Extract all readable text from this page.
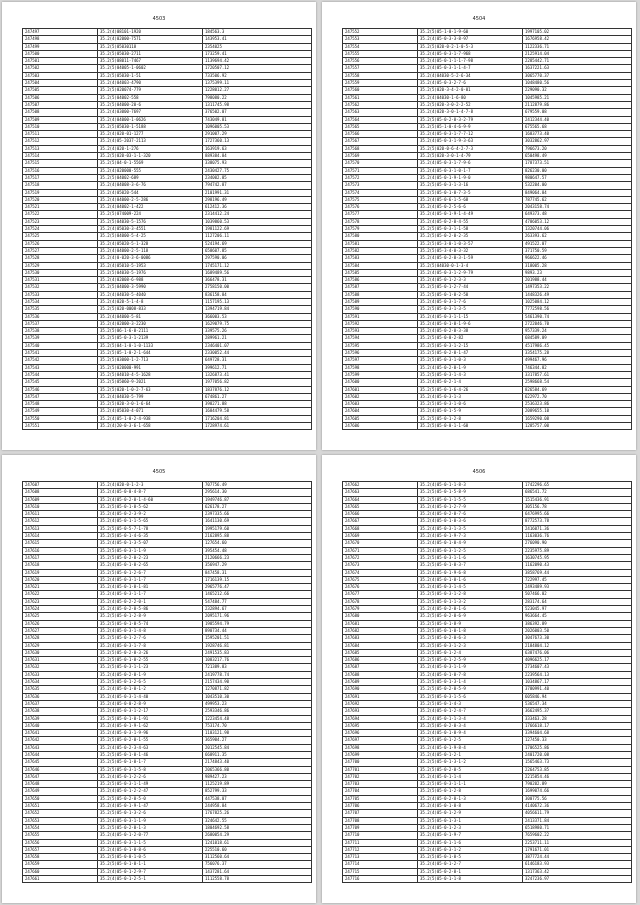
4503
247497	35.2(4)08101-1920	184563.3
247498	35.2(4)02000-7571	143953.41
247499	35.2(5)05030118	2354025
247500	35.2(5)05030-2711	173259.41
247501	35.2(5)08011-7467	1139694.42
247502	35.2(5)04005-1-0602	1720507.12
247503	35.2(5)05030-1-51	733506.92
247504	35.2(4)04003-4790	1375399.11
247505	35.2(5)020074-779	1228012.27
247506	35.2(5)04002-558	798080.22
247507	35.2(5)04000-20-6	1311745.98
247508	35.2(4)03000-7697	376502.07
247509	35.2(4)04000-1-0626	743049.81
247510	35.2(5)05030-1-5188	1096005.53
247511	35.2(4)020-01-1277	291007.29
247512	35.2(4)05-2037-2113	1727360.13
247513	35.2(4)020-1-276	163919.63
247514	35.2(5)020-03-1-1-320	889384.84
247515	35.2(5)04-0-1-5569	338075.93
247516	35.2(4)020000-555	2430427.75
247517	35.2(5)04002-689	234002.85
247518	35.2(4)04008-3-6-76	794742.87
247519	35.2(4)05020-544	2101991.31
247520	35.2(4)04000-2-5-286	298196.49
247521	35.2(4)04002-1-422	612412.36
247522	35.2(5)074009-224	2314412.24
247523	35.2(5)04030-5-1576	1039860.53
247524	35.2(4)05030-3-4551	1981122.69
247525	35.2(5)04000-5-4-25	1127206.11
247526	35.2(4)05020-5-1-328	524194.69
247527	35.2(4)04000-2-5-118	658607.85
247528	35.2(4)0-020-3-6-0086	297590.06
247529	35.2(4)05010-5-1953	1745171.12
247530	35.2(5)04030-5-1976	1689489.56
247531	35.2(4)02008-6-988	366478.31
247532	35.2(5)04000-3-5990	2758150.00
247533	35.2(4)04030-5-4040	836158.84
247534	35.2(4)020-5-1-4-8	1157195.13
247535	35.2(5)020-0008-833	1394719.84
247536	35.2(4)04000-5-81	366003.53
247537	35.2(4)02000-3-2230	1629079.75
247538	35.2(5)06-1-6-0-2111	339575.26
247539	35.2(5)05-0-3-1-2139	289961.21
247540	35.2(5)04-1-0-1-0-1133	2346401.07
247541	35.2(5)05-1-0-2-1-644	2330052.44
247542	35.2(5)03000-1-2-713	649728.31
247543	35.2(5)020000-991	399612.71
247544	35.2(5)04010-4-5-1628	1326873.41
247545	35.2(5)05060-9-2021	1977056.82
247546	35.2(5)020-1-0-2-7-63	1837876.12
247547	35.2(4)04030-5-799	674861.27
247548	35.2(5)020-3-0-1-6-64	398271.88
247549	35.2(4)05030-4-071	1684479.58
247550	35.2(4)05-1-0-2-4-938	1716204.81
247551	35.2(4)20-0-3-6-1-658	1728974.61
4504
247552	35.2(5)05-1-0-1-9-60	1997105.02
247553	35.2(4)05-0-3-3-8-97	1676958.42
247554	35.2(5)020-0-2-1-0-5-3	1122336.71
247555	35.2(4)05-0-3-1-7-968	2125914.04
247556	35.2(4)05-0-1-1-1-7-98	2285442.71
247557	35.2(4)05-0-3-1-1-4-7	1637221.63
247558	35.2(4)04030-5-2-6-34	3065770.37
247559	35.2(4)05-0-3-2-7-6	1048480.56
247560	35.2(5)020-3-4-2-0-01	229090.32
247561	35.2(4)04030-1-6-80	1045985.21
247562	35.2(5)020-3-0-2-2-52	2112879.86
247563	35.2(4)020-3-0-1-4-7-8	679559.08
247564	35.2(5)05-0-2-0-3-2-79	2412344.40
247565	35.2(5)05-1-0-4-6-9-9	675565.68
247566	35.2(4)05-0-3-1-7-7-12	1683773.40
247567	35.2(4)05-0-3-1-9-3-63	3032862.97
247568	35.2(5)020-0-6-4-2-7-3	796673.20
247569	35.2(5)020-3-0-1-4-79	650498.49
247570	35.2(4)05-0-3-1-7-9-6	1787373.51
247571	35.2(4)05-0-3-1-0-1-7	826230.00
247572	35.2(4)05-0-1-9-1-9-0	980647.57
247573	35.2(5)05-0-3-1-3-16	532204.00
247574	35.2(5)05-0-1-0-7-3-5	849064.84
247575	35.2(4)05-0-6-1-5-68	787745.62
247576	35.2(4)05-0-2-5-6-6	2043158.74
247577	35.2(4)05-0-1-9-1-4-49	649373.48
247578	35.2(4)05-0-2-0-4-55	4786053.12
247579	35.2(5)05-0-3-1-1-58	1320744.06
247580	35.2(5)05-0-2-0-2-35	263393.62
247581	35.2(5)05-3-0-1-0-3-57	491522.07
247582	35.2(5)05-3-4-0-3-32	371750.59
247583	35.2(4)05-0-2-0-3-1-59	966622.46
247584	35.2(5)04030-0-1-3-4	318005.28
247585	35.2(4)05-0-3-1-2-9-79	9893.23
247586	35.2(4)05-0-1-2-3-3	201988.44
247587	35.2(5)05-0-1-2-7-44	1497353.22
247588	35.2(5)05-0-1-0-2-50	1448326.49
247589	35.2(4)05-0-3-1-7-6	1025084.12
247590	35.2(5)05-0-3-1-3-5	7772598.56
247591	35.2(4)05-0-3-1-1-15	5461390.74
247592	35.2(4)05-0-1-0-1-9-6	2722046.70
247593	35.2(4)05-0-2-0-3-38	957339.24
247594	35.2(5)05-0-0-2-82	684589.09
247595	35.2(5)05-0-3-1-2-15	4517986.45
247596	35.2(5)05-0-2-0-1-47	3354175.28
247597	35.2(5)05-0-3-1-0-3	499467.96
247598	35.2(4)05-0-2-0-1-9	746344.82
247599	35.2(5)05-0-3-1-4-3	3317857.61
247600	35.2(4)05-0-2-1-4	2598668.54
247601	35.2(5)05-0-1-6-4-26	826584.69
247602	35.2(4)05-0-3-1-3	622972.70
247603	35.2(5)05-0-3-1-0-6	2536323.86
247604	35.2(4)05-0-1-5-9	2089655.10
247605	35.2(5)05-0-1-2-8	1659290.08
247606	35.2(5)05-0-0-1-1-60	1285757.00
4505
247607	35.2(4)020-0-1-2-3	707756.49
247608	35.2(4)05-0-0-4-8-7	295614.30
247609	35.2(4)05-0-2-0-1-4-60	1949746.87
247610	35.2(5)05-0-1-0-5-62	626178.27
247611	35.2(4)05-0-2-3-9-2	2397335.66
247612	35.2(4)05-0-1-1-5-65	1641130.69
247613	35.2(5)05-0-5-7-1-78	1995179.60
247614	35.2(5)05-0-1-4-6-35	2162895.88
247615	35.2(4)05-0-1-3-5-07	127654.60
247616	35.2(5)05-0-3-1-1-9	395454.48
247617	35.2(5)05-0-2-0-2-23	2120666.23
247618	35.2(4)05-0-1-0-2-65	356947.29
247619	35.2(5)05-0-1-2-6-7	847458.31
247620	35.2(4)05-0-3-1-1-7	1716139.15
247621	35.2(4)05-0-1-0-1-81	2965776.47
247622	35.2(4)05-0-3-1-1-7	1465212.66
247623	35.2(4)05-0-2-2-0-1	547484.77
247624	35.2(4)05-0-2-0-5-86	232894.67
247625	35.2(5)05-0-1-2-8-9	2095171.96
247626	35.2(5)05-0-1-0-5-74	1985594.79
247627	35.2(4)05-0-3-1-4-8	890734.44
247628	35.2(5)05-0-1-2-7-6	1595201.51
247629	35.2(4)05-0-3-1-7-8	1928746.81
247630	35.2(5)05-0-2-0-3-26	2491535.83
247631	35.2(5)05-0-1-0-2-55	1083217.76
247632	35.2(5)05-0-3-1-1-23	721389.83
247633	35.2(4)05-0-2-0-1-9	2419778.74
247634	35.2(5)05-0-1-2-6-5	2157434.90
247635	35.2(4)05-0-1-0-1-2	1270871.82
247636	35.2(4)05-0-3-1-4-40	1043510.30
247637	35.2(4)05-0-0-2-8-9	499953.23
247638	35.2(4)05-0-3-1-2-17	2593346.86
247639	35.2(5)05-0-1-0-1-91	1223454.48
247640	35.2(4)05-0-1-9-1-62	753174.70
247641	35.2(4)05-0-3-1-9-96	1103121.98
247642	35.2(5)05-0-2-0-1-55	365904.27
247643	35.2(4)05-0-2-3-4-63	2012545.84
247644	35.2(5)05-0-1-0-1-46	668911.35
247645	35.2(5)05-0-1-0-1-7	2174843.40
247646	35.2(5)05-0-3-1-5-8	2065366.80
247647	35.2(4)05-0-1-2-2-6	989427.23
247648	35.2(5)05-0-3-1-1-49	1125219.89
247649	35.2(4)05-0-1-2-2-47	852799.33
247650	35.2(5)05-0-2-0-5-0	447538.07
247651	35.2(4)05-0-1-9-1-47	244958.84
247652	35.2(5)05-0-1-3-2-6	1767825.26
247653	35.2(4)05-0-3-1-1-9	324642.55
247654	35.2(5)05-0-2-0-1-3	1804692.58
247655	35.2(4)05-0-1-2-0-77	2680054.29
247656	35.2(4)05-0-3-1-1-5	1241018.61
247657	35.2(4)05-0-1-0-8-6	225510.60
247658	35.2(5)05-0-0-1-0-5	3112560.64
247659	35.2(5)05-0-1-0-1-1	756076.37
247660	35.2(4)05-0-1-2-9-7	1437281.64
247661	35.2(4)05-0-1-2-5-1	1112558.78
4506
247662	35.2(4)05-0-1-1-8-3	1742296.65
247663	35.2(5)05-0-1-5-8-9	686541.72
247664	35.2(5)05-0-1-1-5-5	1515436.91
247665	35.2(4)05-0-1-2-7-9	305156.78
247666	35.2(4)05-0-2-0-7-6	6476995.66
247667	35.2(4)05-0-1-0-3-6	8772573.78
247668	35.2(4)05-0-3-1-3-5	2416071.36
247669	35.2(4)05-0-1-9-7-3	1163036.76
247670	35.2(4)05-0-1-0-4-9	276090.90
247671	35.2(4)05-0-3-1-2-5	2235975.89
247672	35.2(5)05-0-3-1-1-6	1630745.95
247673	35.2(5)05-0-1-0-3-7	1162090.43
247674	35.2(4)05-0-1-9-6-8	3858769.44
247675	35.2(4)05-0-1-0-1-6	722997.45
247676	35.2(4)05-0-3-1-4-5	2493489.93
247677	35.2(5)05-0-3-1-2-8	507466.02
247678	35.2(5)05-0-1-1-3-2	283174.64
247679	35.2(4)05-0-2-0-1-6	523045.97
247680	35.2(5)05-0-2-0-6-9	963664.45
247681	35.2(5)05-0-1-8-9	386392.89
247682	35.2(5)05-0-1-0-1-8	2026003.50
247683	35.2(5)05-0-2-0-6-3	3047673.30
247684	35.2(5)05-0-3-1-2-3	2184804.12
247685	35.2(5)05-0-1-2-4	6387476.06
247686	35.2(5)05-0-1-2-5-9	4096625.17
247687	35.2(4)05-0-3-1-1-9	2734607.43
247688	35.2(4)05-0-1-0-7-8	2239564.13
247689	35.2(5)05-0-1-3-1-4	1034867.17
247690	35.2(5)05-0-2-0-5-9	3780991.40
247691	35.2(5)05-0-3-1-5-6	605846.94
247692	35.2(5)05-0-1-4-3	536547.34
247693	35.2(4)05-0-1-2-4-7	3662495.37
247694	35.2(4)05-0-1-1-3-4	333463.28
247695	35.2(5)05-0-2-0-3-4	1766618.17
247696	35.2(4)05-0-1-0-9-4	3394604.68
247697	35.2(5)05-0-1-2-5	127450.33
247698	35.2(4)05-0-1-9-8-4	1706525.86
247699	35.2(4)05-0-1-2-1	2401720.08
247700	35.2(5)05-0-1-3-1-2	1565463.73
247701	35.2(5)05-0-2-0-5	2264753.85
247702	35.2(4)05-0-1-1-4	2215854.46
247703	35.2(5)05-0-3-1-1-1	790202.89
247704	35.2(5)05-0-1-2-8	1699074.66
247705	35.2(4)05-0-2-0-1-3	300775.56
247706	35.2(4)05-0-1-0-8	4140672.36
247707	35.2(4)05-0-1-2-9	4056611.79
247708	35.2(5)05-0-1-3-1	2413371.84
247709	35.2(4)05-0-1-2-3	6518980.71
247710	35.2(4)05-0-1-9-7	7659602.22
247711	35.2(4)05-0-1-1-6	2253711.11
247712	35.2(4)05-0-3-1-2	1791671.01
247713	35.2(5)05-0-1-0-5	3877724.44
247714	35.2(4)05-0-1-2-7	6146183.93
247715	35.2(5)05-0-2-0-1	1317363.42
247716	35.2(5)05-0-1-1-8	3247236.97
